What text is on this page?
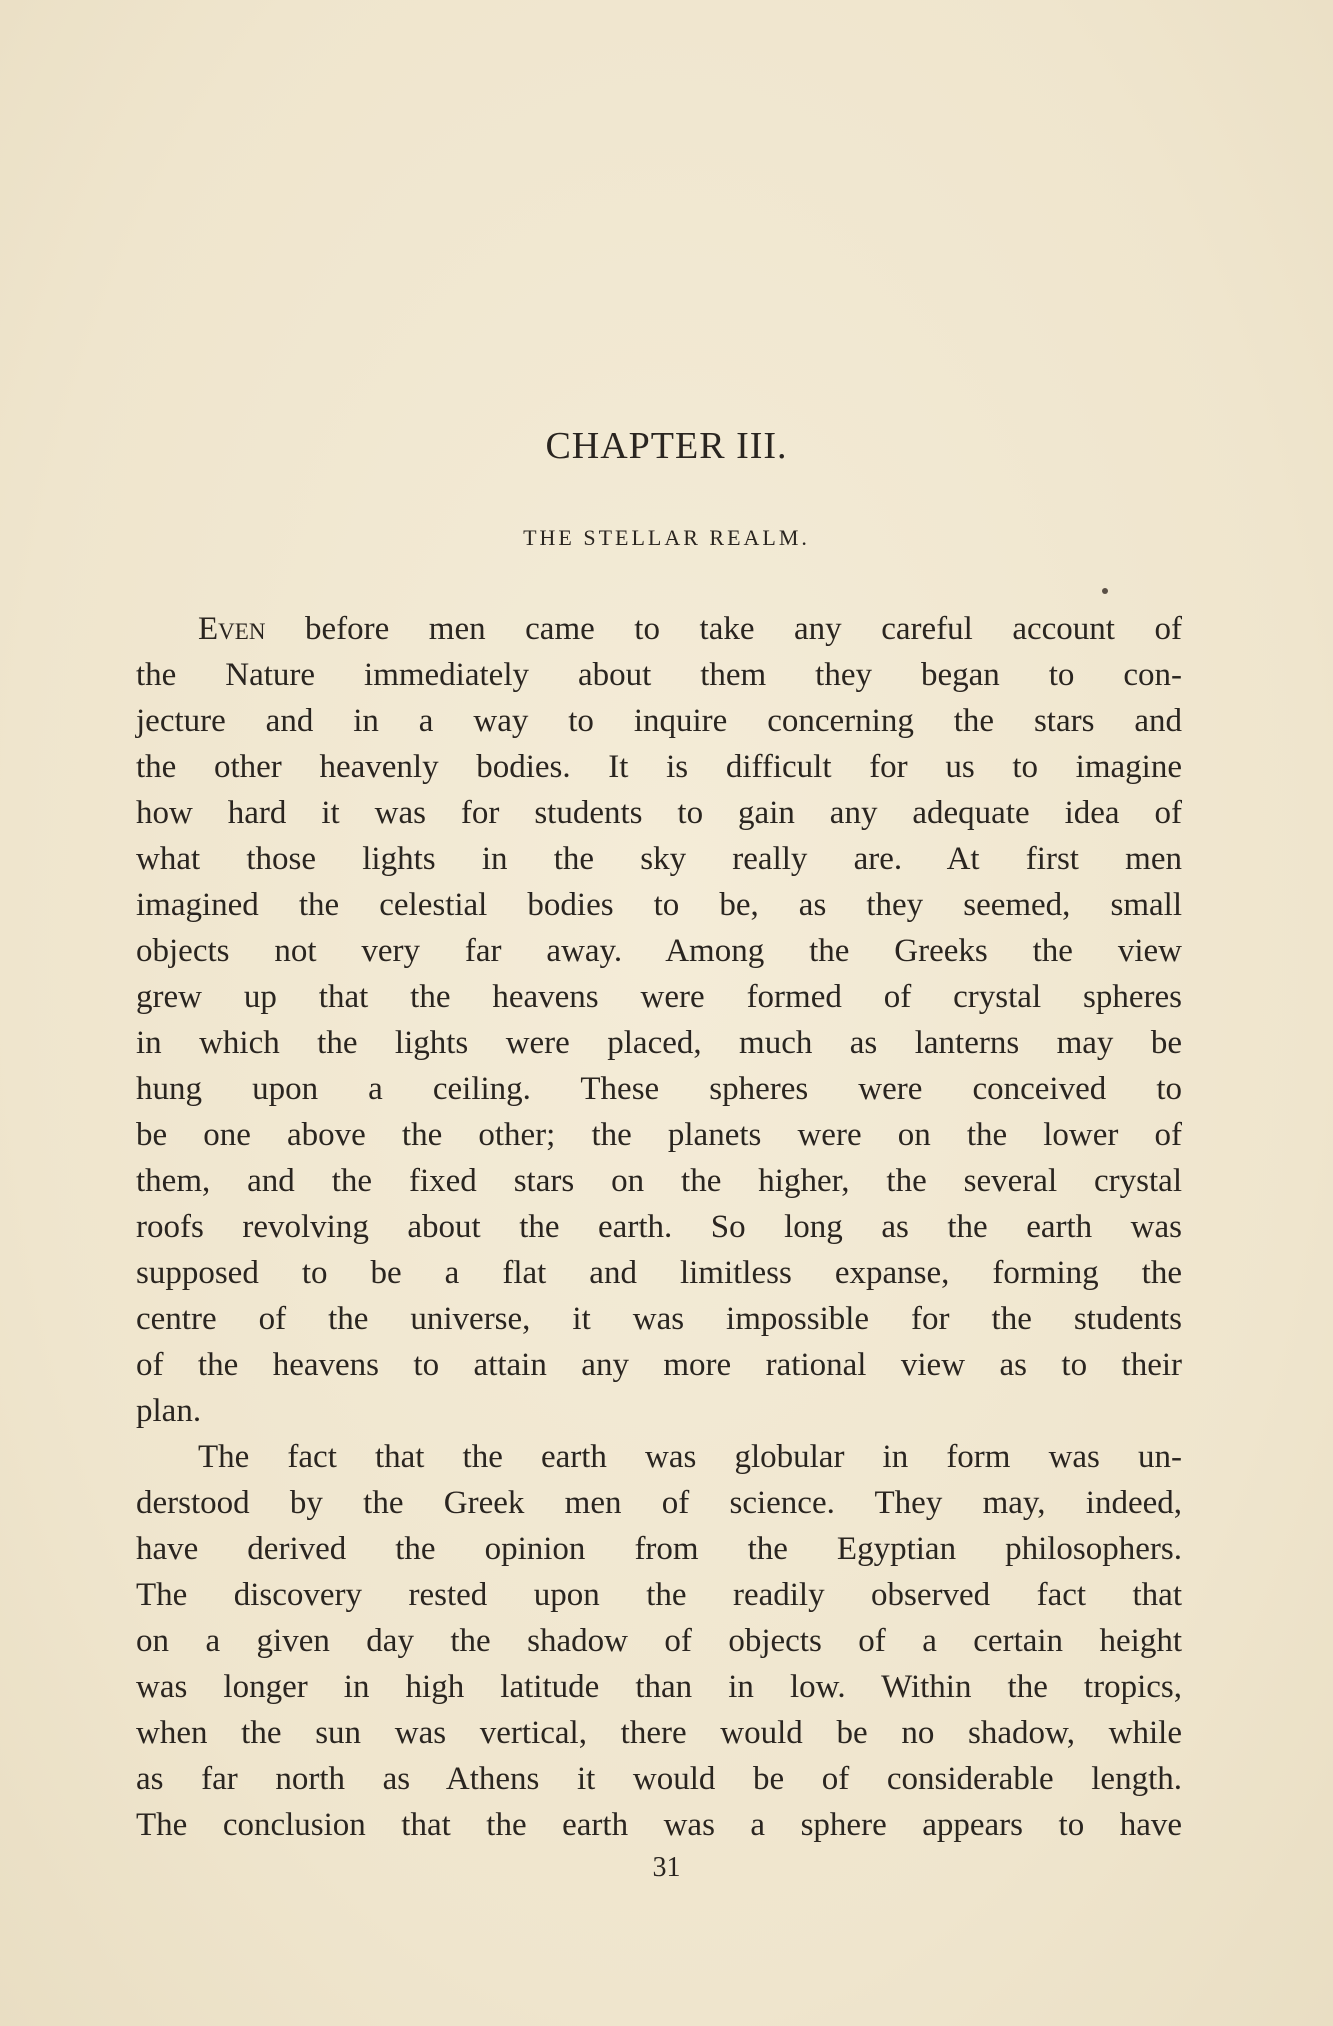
CHAPTER III.
THE STELLAR REALM.
Even before men came to take any careful account of
the Nature immediately about them they began to con-
jecture and in a way to inquire concerning the stars and
the other heavenly bodies. It is difficult for us to imagine
how hard it was for students to gain any adequate idea of
what those lights in the sky really are. At first men
imagined the celestial bodies to be, as they seemed, small
objects not very far away. Among the Greeks the view
grew up that the heavens were formed of crystal spheres
in which the lights were placed, much as lanterns may be
hung upon a ceiling. These spheres were conceived to
be one above the other; the planets were on the lower of
them, and the fixed stars on the higher, the several crystal
roofs revolving about the earth. So long as the earth was
supposed to be a flat and limitless expanse, forming the
centre of the universe, it was impossible for the students
of the heavens to attain any more rational view as to their
plan.
The fact that the earth was globular in form was un-
derstood by the Greek men of science. They may, indeed,
have derived the opinion from the Egyptian philosophers.
The discovery rested upon the readily observed fact that
on a given day the shadow of objects of a certain height
was longer in high latitude than in low. Within the tropics,
when the sun was vertical, there would be no shadow, while
as far north as Athens it would be of considerable length.
The conclusion that the earth was a sphere appears to have
31
